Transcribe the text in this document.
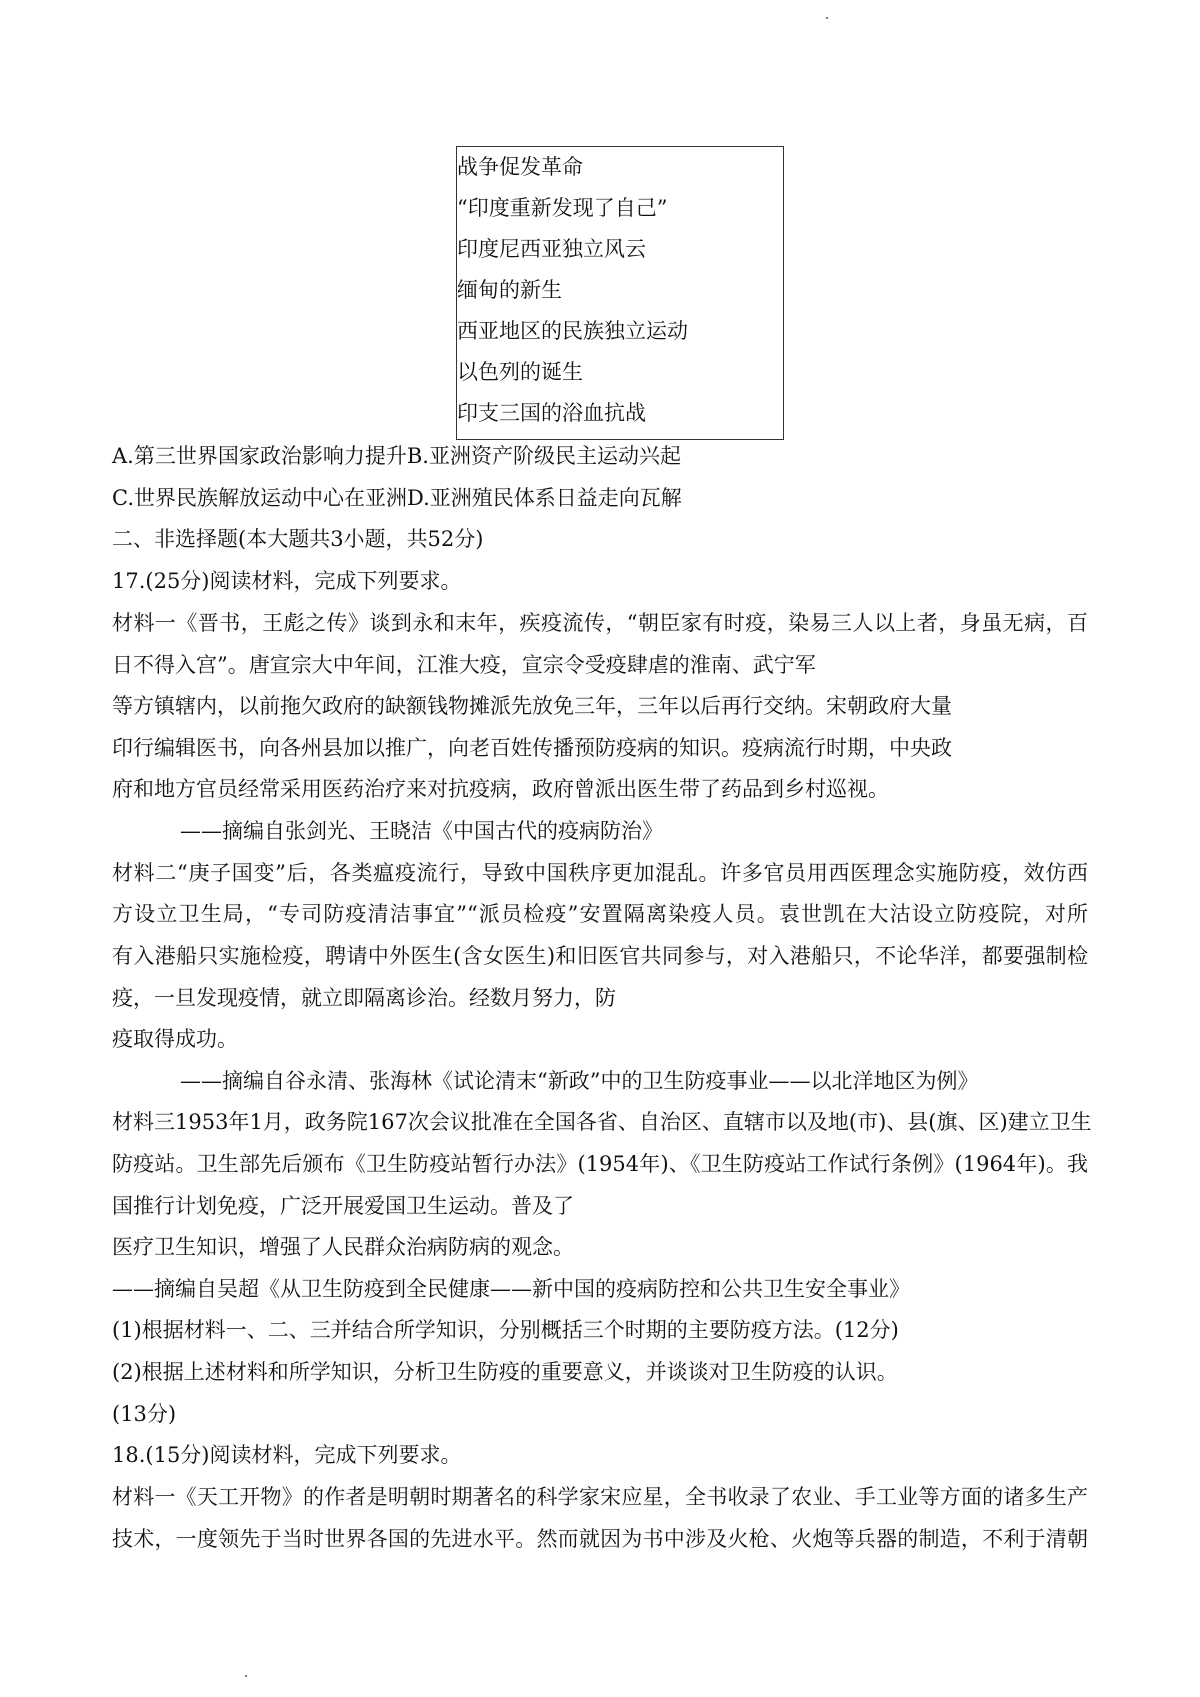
战争促发革命
“印度重新发现了自己”
印度尼西亚独立风云
缅甸的新生
西亚地区的民族独立运动
以色列的诞生
印支三国的浴血抗战
A.第三世界国家政治影响力提升B.亚洲资产阶级民主运动兴起
C.世界民族解放运动中心在亚洲D.亚洲殖民体系日益走向瓦解
二、非选择题(本大题共3小题，共52分)
17.(25分)阅读材料，完成下列要求。
材料一《晋书，王彪之传》谈到永和末年，疾疫流传，“朝臣家有时疫，染易三人以上者，身虽无病，百
日不得入宫”。唐宣宗大中年间，江淮大疫，宣宗令受疫肆虐的淮南、武宁军
等方镇辖内，以前拖欠政府的缺额钱物摊派先放免三年，三年以后再行交纳。宋朝政府大量
印行编辑医书，向各州县加以推广，向老百姓传播预防疫病的知识。疫病流行时期，中央政
府和地方官员经常采用医药治疗来对抗疫病，政府曾派出医生带了药品到乡村巡视。
——摘编自张剑光、王晓洁《中国古代的疫病防治》
材料二“庚子国变”后，各类瘟疫流行，导致中国秩序更加混乱。许多官员用西医理念实施防疫，效仿西
方设立卫生局，“专司防疫清洁事宜”“派员检疫”安置隔离染疫人员。袁世凯在大沽设立防疫院，对所
有入港船只实施检疫，聘请中外医生(含女医生)和旧医官共同参与，对入港船只，不论华洋，都要强制检
疫，一旦发现疫情，就立即隔离诊治。经数月努力，防
疫取得成功。
——摘编自谷永清、张海林《试论清末“新政”中的卫生防疫事业——以北洋地区为例》
材料三1953年1月，政务院167次会议批准在全国各省、自治区、直辖市以及地(市)、县(旗、区)建立卫生
防疫站。卫生部先后颁布《卫生防疫站暂行办法》(1954年)、《卫生防疫站工作试行条例》(1964年)。我
国推行计划免疫，广泛开展爱国卫生运动。普及了
医疗卫生知识，增强了人民群众治病防病的观念。
——摘编自吴超《从卫生防疫到全民健康——新中国的疫病防控和公共卫生安全事业》
(1)根据材料一、二、三并结合所学知识，分别概括三个时期的主要防疫方法。(12分)
(2)根据上述材料和所学知识，分析卫生防疫的重要意义，并谈谈对卫生防疫的认识。
(13分)
18.(15分)阅读材料，完成下列要求。
材料一《天工开物》的作者是明朝时期著名的科学家宋应星，全书收录了农业、手工业等方面的诸多生产
技术，一度领先于当时世界各国的先进水平。然而就因为书中涉及火枪、火炮等兵器的制造，不利于清朝
